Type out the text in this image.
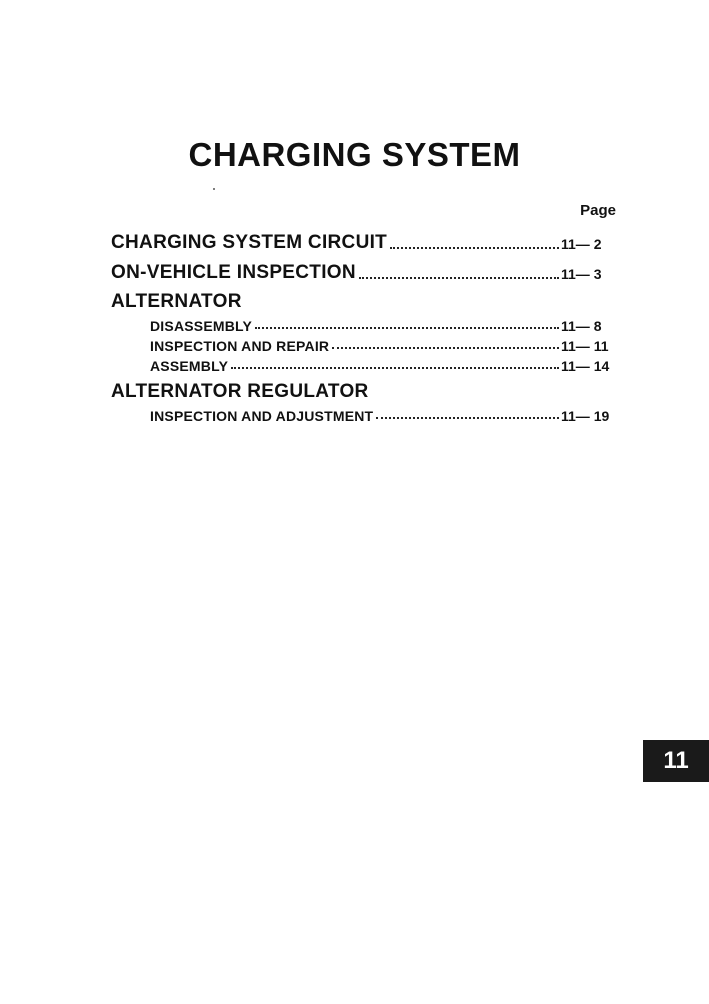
CHARGING SYSTEM
Page
CHARGING SYSTEM CIRCUIT	11— 2
ON-VEHICLE INSPECTION	11— 3
ALTERNATOR
DISASSEMBLY	11— 8
INSPECTION AND REPAIR	11— 11
ASSEMBLY	11— 14
ALTERNATOR REGULATOR
INSPECTION AND ADJUSTMENT	11— 19
11
